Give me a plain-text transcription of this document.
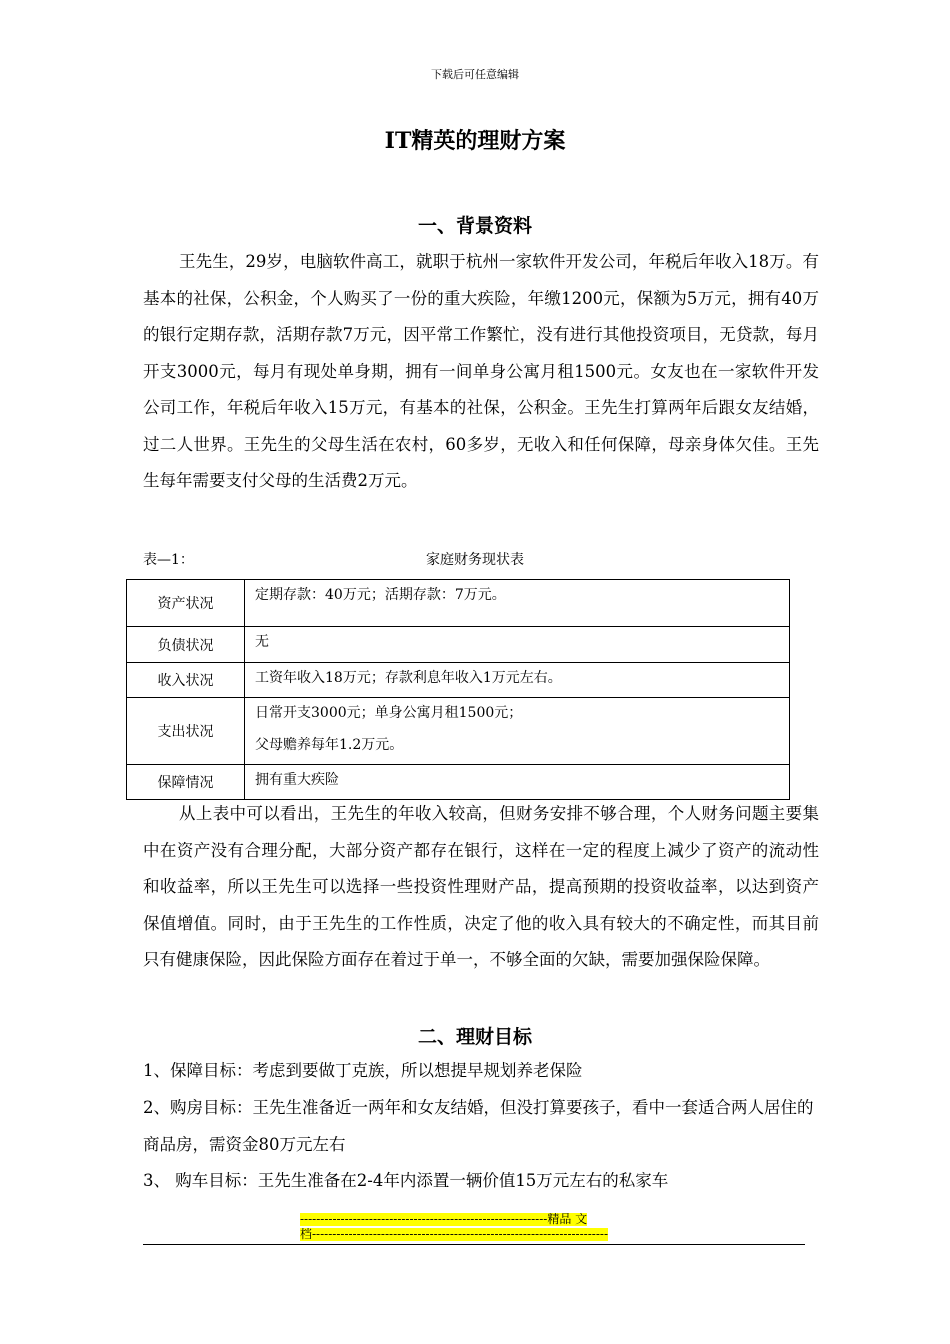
下载后可任意编辑
IT精英的理财方案
一、背景资料

王先生，29岁，电脑软件高工，就职于杭州一家软件开发公司，年税后年收入18万。有基本的社保，公积金，个人购买了一份的重大疾险，年缴1200元，保额为5万元，拥有40万的银行定期存款，活期存款7万元，因平常工作繁忙，没有进行其他投资项目，无贷款，每月开支3000元，每月有现处单身期，拥有一间单身公寓月租1500元。女友也在一家软件开发公司工作，年税后年收入15万元，有基本的社保，公积金。王先生打算两年后跟女友结婚，过二人世界。王先生的父母生活在农村，60多岁，无收入和任何保障，母亲身体欠佳。王先生每年需要支付父母的生活费2万元。

表—1：	家庭财务现状表
资产状况	定期存款：40万元；活期存款：7万元。

负债状况	无

收入状况	工资年收入18万元；存款利息年收入1万元左右。

支出状况	日常开支3000元；单身公寓月租1500元；
父母赡养每年1.2万元。

保障情况	拥有重大疾险

从上表中可以看出，王先生的年收入较高，但财务安排不够合理，个人财务问题主要集中在资产没有合理分配，大部分资产都存在银行，这样在一定的程度上减少了资产的流动性和收益率，所以王先生可以选择一些投资性理财产品，提高预期的投资收益率，以达到资产保值增值。同时，由于王先生的工作性质，决定了他的收入具有较大的不确定性，而其目前只有健康保险，因此保险方面存在着过于单一，不够全面的欠缺，需要加强保险保障。

二、理财目标

1、保障目标：考虑到要做丁克族，所以想提早规划养老保险

2、购房目标：王先生准备近一两年和女友结婚，但没打算要孩子，看中一套适合两人居住的商品房，需资金80万元左右

3、 购车目标：王先生准备在2-4年内添置一辆价值15万元左右的私家车

-------------------------------------------------------------精品 文
档-------------------------------------------------------------------------
